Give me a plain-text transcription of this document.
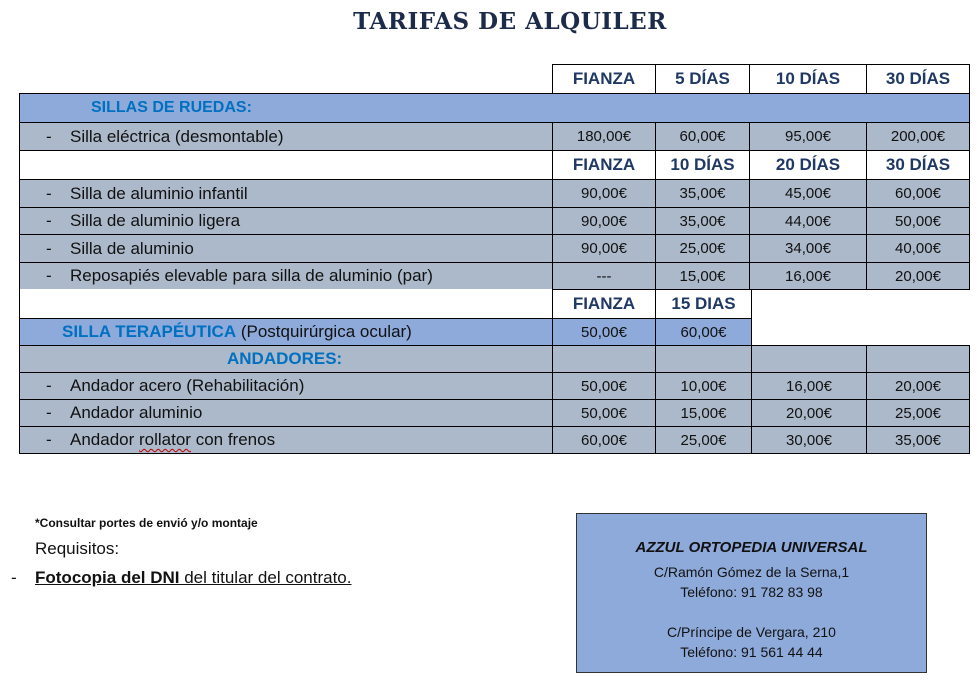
TARIFAS DE ALQUILER
FIANZA	5 DÍAS	10 DÍAS	30 DÍAS
SILLAS DE RUEDAS:
-	Silla eléctrica (desmontable)	180,00€	60,00€	95,00€	200,00€
FIANZA	10 DÍAS	20 DÍAS	30 DÍAS
-	Silla de aluminio infantil	90,00€	35,00€	45,00€	60,00€
-	Silla de aluminio ligera	90,00€	35,00€	44,00€	50,00€
-	Silla de aluminio	90,00€	25,00€	34,00€	40,00€
-	Reposapiés elevable para silla de aluminio (par)	---	15,00€	16,00€	20,00€
FIANZA	15 DIAS
SILLA TERAPÉUTICA
(Postquirúrgica ocular)	50,00€	60,00€
ANDADORES:
-	Andador acero (Rehabilitación)	50,00€	10,00€	16,00€	20,00€
-	Andador aluminio	50,00€	15,00€	20,00€	25,00€
-	Andador rollator con frenos	60,00€	25,00€	30,00€	35,00€
*Consultar portes de envió y/o montaje
Requisitos:
- Fotocopia del DNI del titular del contrato.
AZZUL ORTOPEDIA UNIVERSAL
C/Ramón Gómez de la Serna,1
Teléfono: 91 782 83 98
C/Príncipe de Vergara, 210
Teléfono: 91 561 44 44
